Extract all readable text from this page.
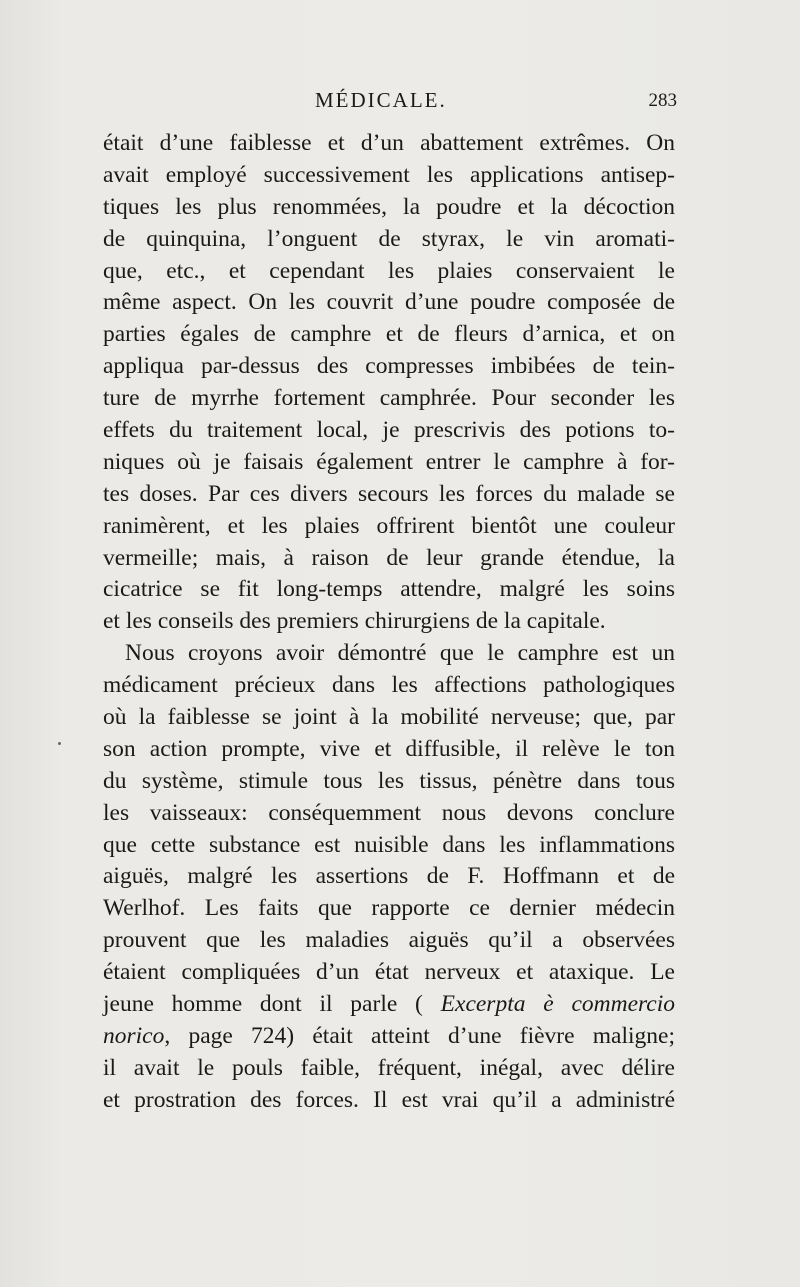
MÉDICALE.	283
était d’une faiblesse et d’un abattement extrêmes. On
avait employé successivement les applications antisep-
tiques les plus renommées, la poudre et la décoction
de quinquina, l’onguent de styrax, le vin aromati-
que, etc., et cependant les plaies conservaient le
même aspect. On les couvrit d’une poudre composée de
parties égales de camphre et de fleurs d’arnica, et on
appliqua par-dessus des compresses imbibées de tein-
ture de myrrhe fortement camphrée. Pour seconder les
effets du traitement local, je prescrivis des potions to-
niques où je faisais également entrer le camphre à for-
tes doses. Par ces divers secours les forces du malade se
ranimèrent, et les plaies offrirent bientôt une couleur
vermeille; mais, à raison de leur grande étendue, la
cicatrice se fit long-temps attendre, malgré les soins
et les conseils des premiers chirurgiens de la capitale.
Nous croyons avoir démontré que le camphre est un
médicament précieux dans les affections pathologiques
où la faiblesse se joint à la mobilité nerveuse; que, par
son action prompte, vive et diffusible, il relève le ton
du système, stimule tous les tissus, pénètre dans tous
les vaisseaux: conséquemment nous devons conclure
que cette substance est nuisible dans les inflammations
aiguës, malgré les assertions de F. Hoffmann et de
Werlhof. Les faits que rapporte ce dernier médecin
prouvent que les maladies aiguës qu’il a observées
étaient compliquées d’un état nerveux et ataxique. Le
jeune homme dont il parle ( Excerpta è commercio
norico, page 724) était atteint d’une fièvre maligne;
il avait le pouls faible, fréquent, inégal, avec délire
et prostration des forces. Il est vrai qu’il a administré
